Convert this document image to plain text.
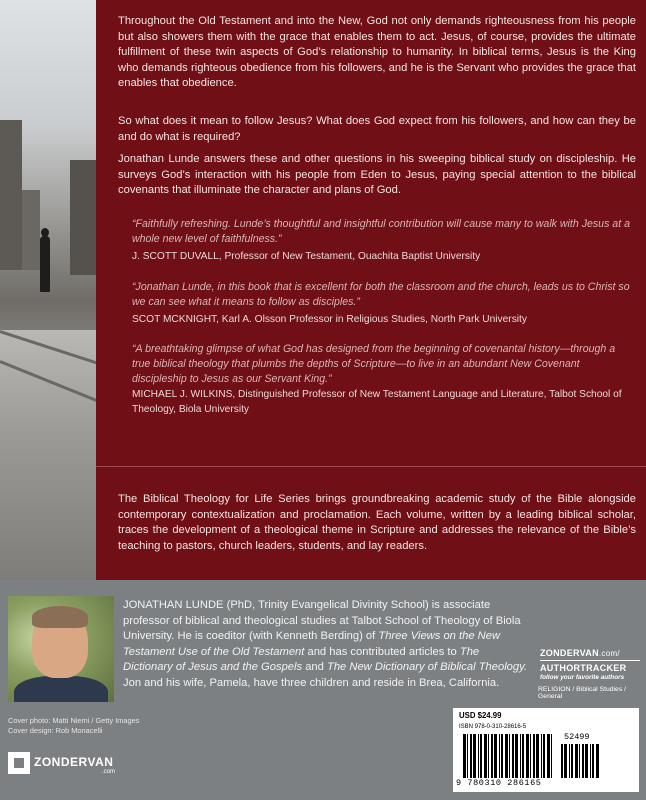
Throughout the Old Testament and into the New, God not only demands righteousness from his people but also showers them with the grace that enables them to act. Jesus, of course, provides the ultimate fulfillment of these twin aspects of God’s relationship to humanity. In biblical terms, Jesus is the King who demands righteous obedience from his followers, and he is the Servant who provides the grace that enables that obedience.

So what does it mean to follow Jesus? What does God expect from his followers, and how can they be and do what is required?

Jonathan Lunde answers these and other questions in his sweeping biblical study on discipleship. He surveys God’s interaction with his people from Eden to Jesus, paying special attention to the biblical covenants that illuminate the character and plans of God.

“Faithfully refreshing. Lunde’s thoughtful and insightful contribution will cause many to walk with Jesus at a whole new level of faithfulness.”

J. SCOTT DUVALL, Professor of New Testament, Ouachita Baptist University

“Jonathan Lunde, in this book that is excellent for both the classroom and the church, leads us to Christ so we can see what it means to follow as disciples.”

SCOT MCKNIGHT, Karl A. Olsson Professor in Religious Studies, North Park University

“A breathtaking glimpse of what God has designed from the beginning of covenantal history—through a true biblical theology that plumbs the depths of Scripture—to live in an abundant New Covenant discipleship to Jesus as our Servant King.”

MICHAEL J. WILKINS, Distinguished Professor of New Testament Language and Literature, Talbot School of Theology, Biola University

The Biblical Theology for Life Series brings groundbreaking academic study of the Bible alongside contemporary contextualization and proclamation. Each volume, written by a leading biblical scholar, traces the development of a theological theme in Scripture and addresses the relevance of the Bible’s teaching to pastors, church leaders, students, and lay readers.

JONATHAN LUNDE (PhD, Trinity Evangelical Divinity School) is associate professor of biblical and theological studies at Talbot School of Theology of Biola University. He is coeditor (with Kenneth Berding) of Three Views on the New Testament Use of the Old Testament and has contributed articles to The Dictionary of Jesus and the Gospels and The New Dictionary of Biblical Theology. Jon and his wife, Pamela, have three children and reside in Brea, California.

Cover photo: Matti Niemi / Getty Images
Cover design: Rob Monacelli
ZONDERVAN
.com
ZONDERVAN.com/
AUTHORTRACKER
follow your favorite authors
RELIGION / Biblical Studies / General
USD $24.99
ISBN 978-0-310-28616-5
52499
9 780310 286165
